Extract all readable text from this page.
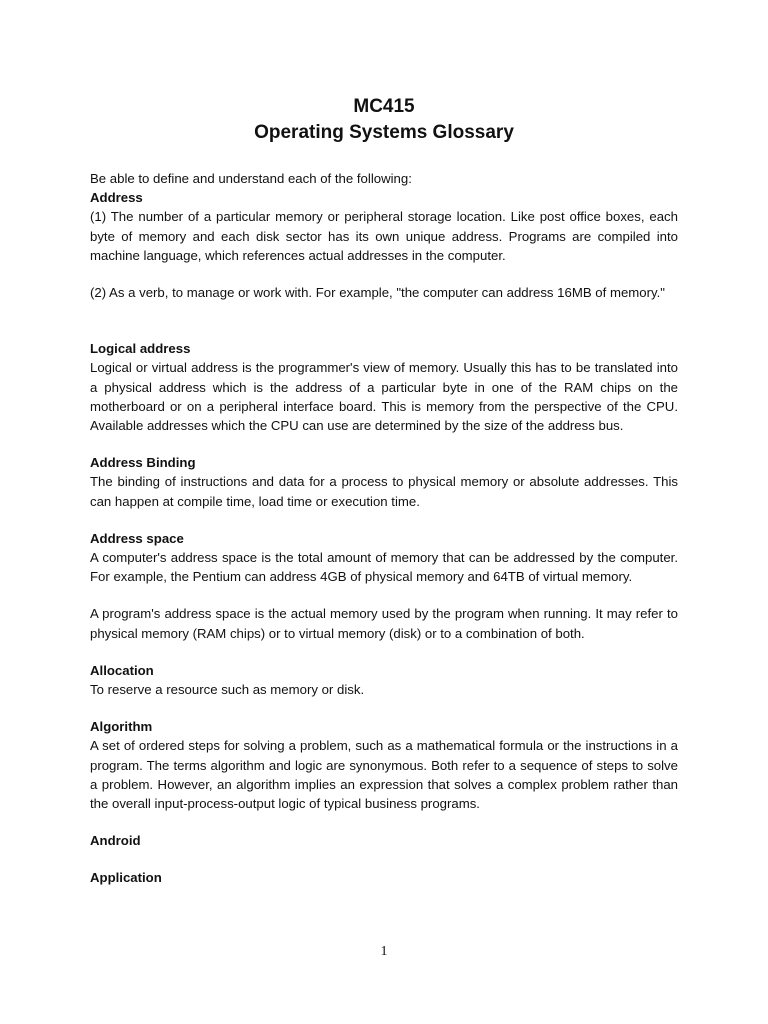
MC415
Operating Systems Glossary

Be able to define and understand each of the following:

Address

(1) The number of a particular memory or peripheral storage location. Like post office boxes, each byte of memory and each disk sector has its own unique address. Programs are compiled into machine language, which references actual addresses in the computer.

(2) As a verb, to manage or work with. For example, "the computer can address 16MB of memory."

Logical address

Logical or virtual address is the programmer's view of memory. Usually this has to be translated into a physical address which is the address of a particular byte in one of the RAM chips on the motherboard or on a peripheral interface board. This is memory from the perspective of the CPU. Available addresses which the CPU can use are determined by the size of the address bus.

Address Binding

The binding of instructions and data for a process to physical memory or absolute addresses. This can happen at compile time, load time or execution time.

Address space

A computer's address space is the total amount of memory that can be addressed by the computer. For example, the Pentium can address 4GB of physical memory and 64TB of virtual memory.

A program's address space is the actual memory used by the program when running. It may refer to physical memory (RAM chips) or to virtual memory (disk) or to a combination of both.

Allocation

To reserve a resource such as memory or disk.

Algorithm

A set of ordered steps for solving a problem, such as a mathematical formula or the instructions in a program. The terms algorithm and logic are synonymous. Both refer to a sequence of steps to solve a problem. However, an algorithm implies an expression that solves a complex problem rather than the overall input-process-output logic of typical business programs.

Android

Application

1
